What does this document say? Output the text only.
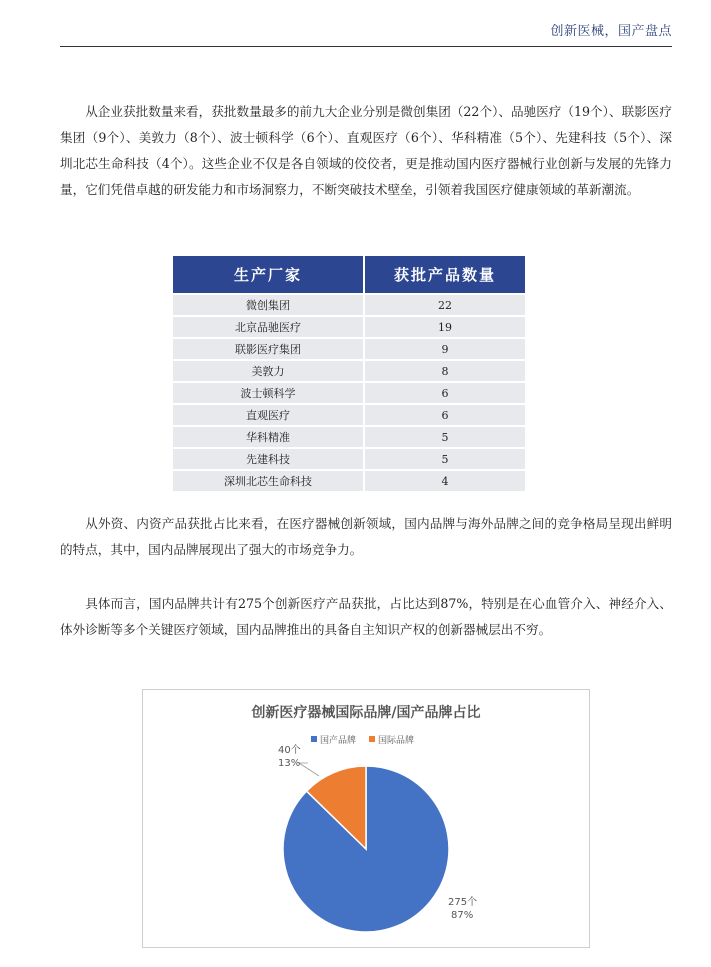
创新医械，国产盘点

从企业获批数量来看，获批数量最多的前九大企业分别是微创集团（22个）、品驰医疗（19个）、联影医疗集团（9个）、美敦力（8个）、波士顿科学（6个）、直观医疗（6个）、华科精准（5个）、先建科技（5个）、深圳北芯生命科技（4个）。这些企业不仅是各自领域的佼佼者，更是推动国内医疗器械行业创新与发展的先锋力量，它们凭借卓越的研发能力和市场洞察力，不断突破技术壁垒，引领着我国医疗健康领域的革新潮流。

生产厂家	获批产品数量
微创集团	22
北京品驰医疗	19
联影医疗集团	9
美敦力	8
波士顿科学	6
直观医疗	6
华科精准	5
先建科技	5
深圳北芯生命科技	4

从外资、内资产品获批占比来看，在医疗器械创新领域，国内品牌与海外品牌之间的竞争格局呈现出鲜明的特点，其中，国内品牌展现出了强大的市场竞争力。

具体而言，国内品牌共计有275个创新医疗产品获批，占比达到87%，特别是在心血管介入、神经介入、体外诊断等多个关键医疗领域，国内品牌推出的具备自主知识产权的创新器械层出不穷。

创新医疗器械国际品牌/国产品牌占比
国产品牌 国际品牌
40个
13%
275个
87%
